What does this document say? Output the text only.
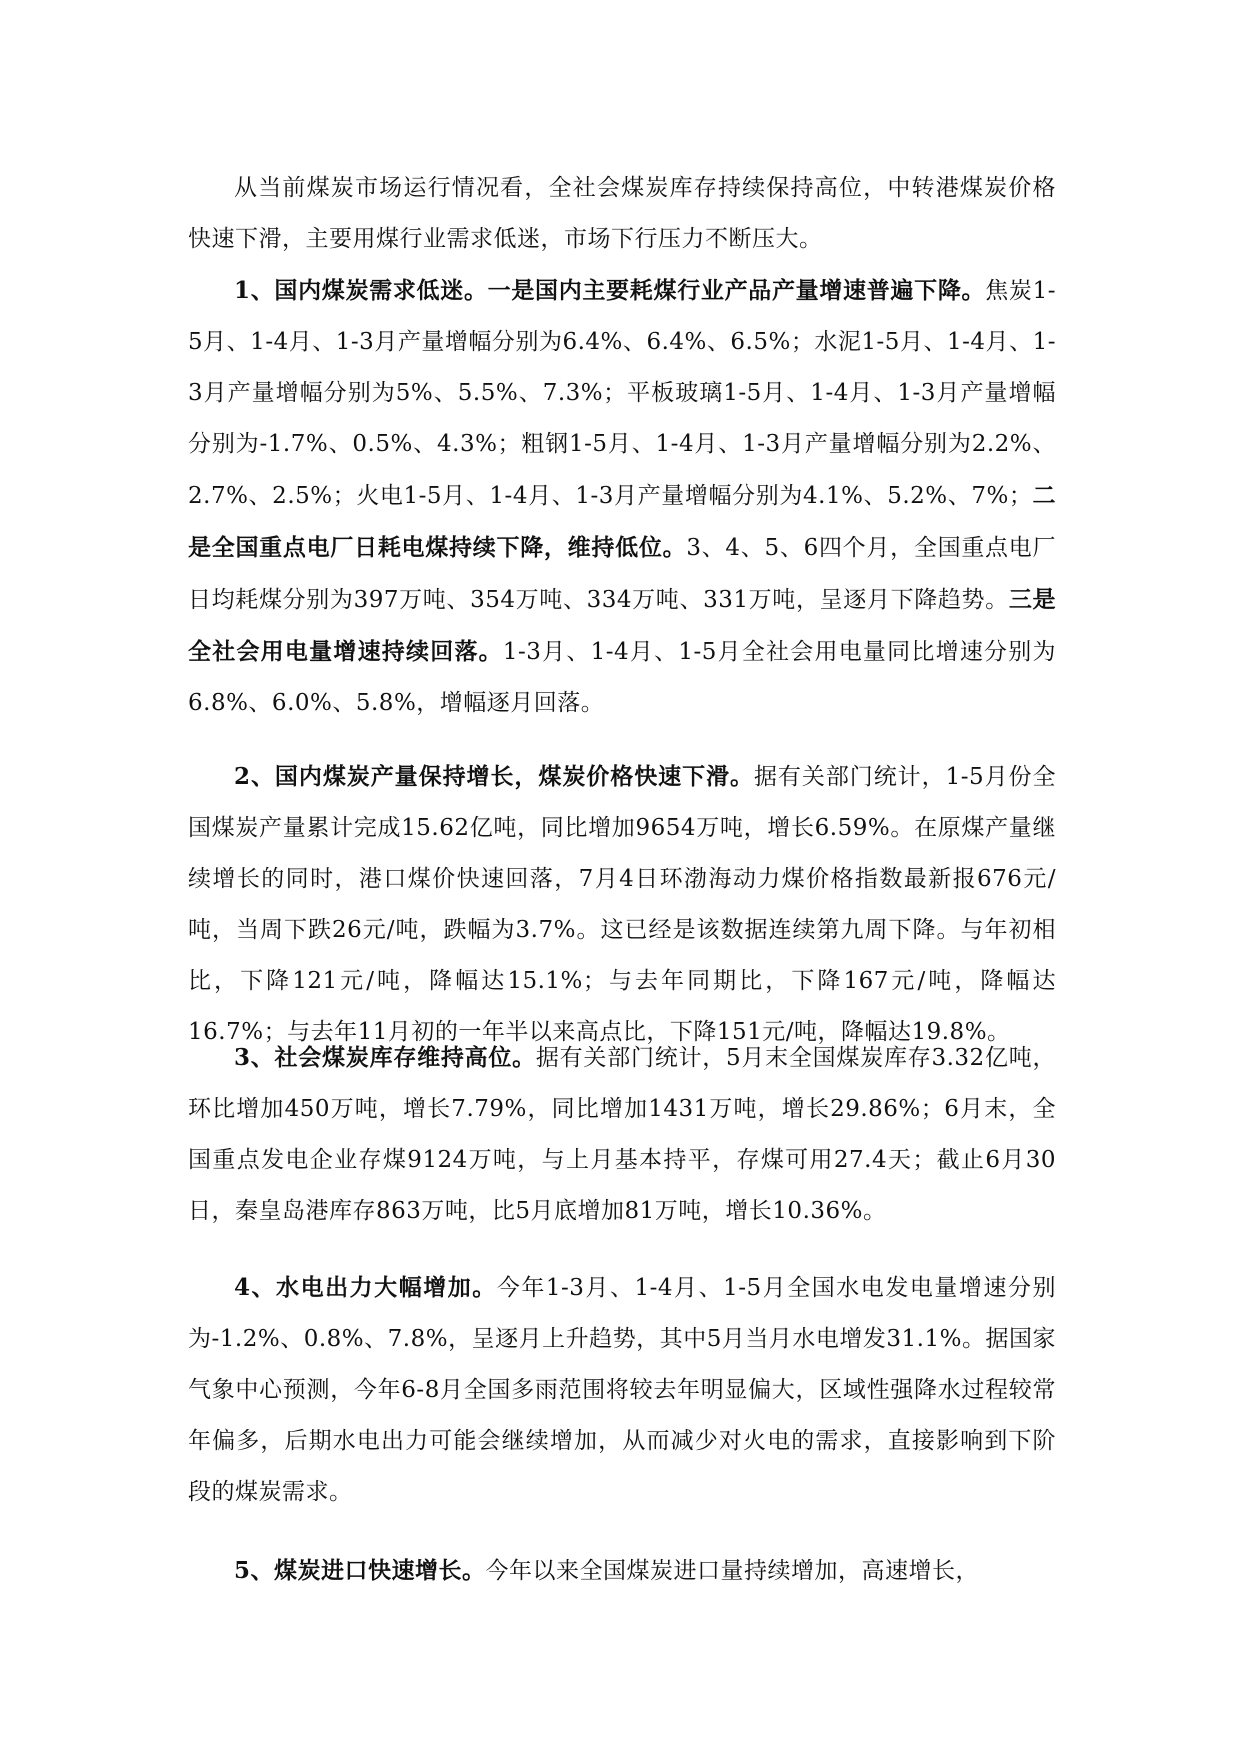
从当前煤炭市场运行情况看，全社会煤炭库存持续保持高位，中转港煤炭价格快速下滑，主要用煤行业需求低迷，市场下行压力不断压大。

1、国内煤炭需求低迷。一是国内主要耗煤行业产品产量增速普遍下降。焦炭1-5月、1-4月、1-3月产量增幅分别为6.4%、6.4%、6.5%；水泥1-5月、1-4月、1-3月产量增幅分别为5%、5.5%、7.3%；平板玻璃1-5月、1-4月、1-3月产量增幅分别为-1.7%、0.5%、4.3%；粗钢1-5月、1-4月、1-3月产量增幅分别为2.2%、2.7%、2.5%；火电1-5月、1-4月、1-3月产量增幅分别为4.1%、5.2%、7%；二是全国重点电厂日耗电煤持续下降，维持低位。3、4、5、6四个月，全国重点电厂日均耗煤分别为397万吨、354万吨、334万吨、331万吨，呈逐月下降趋势。三是全社会用电量增速持续回落。1-3月、1-4月、1-5月全社会用电量同比增速分别为6.8%、6.0%、5.8%，增幅逐月回落。

2、国内煤炭产量保持增长，煤炭价格快速下滑。据有关部门统计，1-5月份全国煤炭产量累计完成15.62亿吨，同比增加9654万吨，增长6.59%。在原煤产量继续增长的同时，港口煤价快速回落，7月4日环渤海动力煤价格指数最新报676元/吨，当周下跌26元/吨，跌幅为3.7%。这已经是该数据连续第九周下降。与年初相比，下降121元/吨，降幅达15.1%；与去年同期比，下降167元/吨，降幅达16.7%；与去年11月初的一年半以来高点比，下降151元/吨，降幅达19.8%。

3、社会煤炭库存维持高位。据有关部门统计，5月末全国煤炭库存3.32亿吨，环比增加450万吨，增长7.79%，同比增加1431万吨，增长29.86%；6月末，全国重点发电企业存煤9124万吨，与上月基本持平，存煤可用27.4天；截止6月30日，秦皇岛港库存863万吨，比5月底增加81万吨，增长10.36%。

4、水电出力大幅增加。今年1-3月、1-4月、1-5月全国水电发电量增速分别为-1.2%、0.8%、7.8%，呈逐月上升趋势，其中5月当月水电增发31.1%。据国家气象中心预测，今年6-8月全国多雨范围将较去年明显偏大，区域性强降水过程较常年偏多，后期水电出力可能会继续增加，从而减少对火电的需求，直接影响到下阶段的煤炭需求。

5、煤炭进口快速增长。今年以来全国煤炭进口量持续增加，高速增长，
